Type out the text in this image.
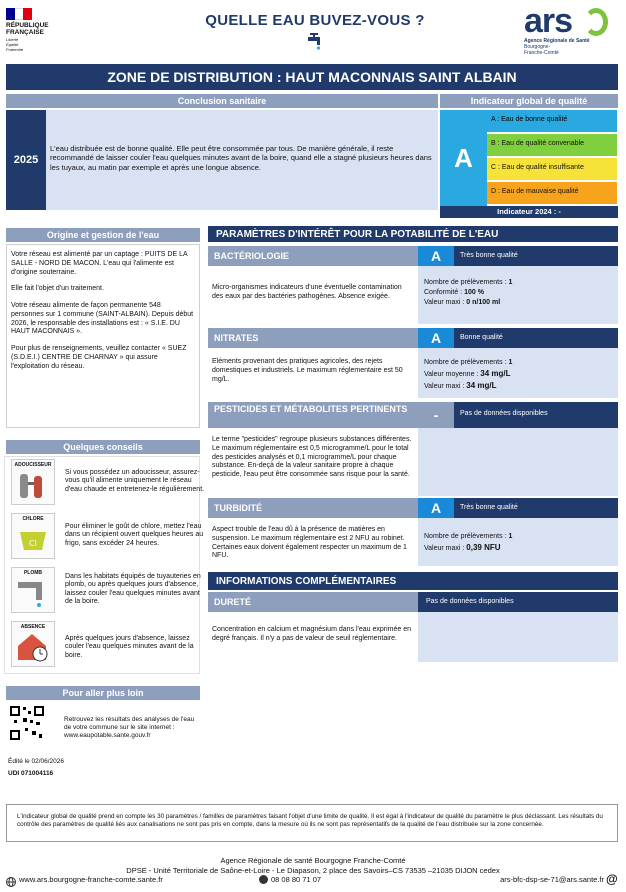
RÉPUBLIQUE
FRANÇAISE
Liberté Égalité Fraternité
QUELLE EAU BUVEZ-VOUS ?	ars
Agence Régionale de Santé
Bourgogne-
Franche-Comté
ZONE DE DISTRIBUTION : HAUT MACONNAIS SAINT ALBAIN
Conclusion sanitaire
2025
L'eau distribuée est de bonne qualité. Elle peut être consommée par tous. De manière générale, il reste recommandé de laisser couler l'eau quelques minutes avant de la boire, quand elle a stagné plusieurs heures dans les tuyaux, au matin par exemple et après une longue absence.
Indicateur global de qualité
A
A : Eau de bonne qualité
B : Eau de qualité convenable
C : Eau de qualité insuffisante
D : Eau de mauvaise qualité
Indicateur 2024 : -
Origine et gestion de l'eau

Votre réseau est alimenté par un captage : PUITS DE LA SALLE - NORD DE MACON. L'eau qui l'alimente est d'origine souterraine.

Elle fait l'objet d'un traitement.

Votre réseau alimente de façon permanente 548 personnes sur 1 commune (SAINT-ALBAIN). Depuis début 2026, le responsable des installations est : « S.I.E. DU HAUT MACONNAIS ».

Pour plus de renseignements, veuillez contacter « SUEZ (S.D.E.I.) CENTRE DE CHARNAY » qui assure l'exploitation du réseau.

Quelques conseils
ADOUCISSEUR
Si vous possédez un adoucisseur, assurez-vous qu'il alimente uniquement le réseau d'eau chaude et entretenez-le régulièrement.
CHLORE
Cl
Pour éliminer le goût de chlore, mettez l'eau dans un récipient ouvert quelques heures au frigo, sans excéder 24 heures.
PLOMB	Dans les habitats équipés de tuyauteries en plomb, ou après quelques jours d'absence, laissez couler l'eau quelques minutes avant de la boire.
ABSENCE
Après quelques jours d'absence, laissez couler l'eau quelques minutes avant de la boire.
Pour aller plus loin
Retrouvez les résultats des analyses de l'eau de votre commune sur le site internet : www.eaupotable.sante.gouv.fr
Édité le 02/06/2026
UDI 071004116
PARAMÈTRES D'INTÉRÊT POUR LA POTABILITÉ DE L'EAU
BACTÉRIOLOGIE	A	Très bonne qualité
Micro-organismes indicateurs d'une éventuelle contamination des eaux par des bactéries pathogènes. Absence exigée.
Nombre de prélèvements : 1
Conformité : 100 %
Valeur maxi : 0 n/100 ml
NITRATES	A	Bonne qualité
Eléments provenant des pratiques agricoles, des rejets domestiques et industriels. Le maximum réglementaire est 50 mg/L.
Nombre de prélèvements : 1
Valeur moyenne : 34 mg/L
Valeur maxi : 34 mg/L
PESTICIDES ET MÉTABOLITES PERTINENTS	-	Pas de données disponibles
Le terme "pesticides" regroupe plusieurs substances différentes. Le maximum réglementaire est 0,5 microgramme/L pour le total des pesticides analysés et 0,1 microgramme/L pour chaque substance. En-deçà de la valeur sanitaire propre à chaque pesticide, l'eau peut être consommée sans risque pour la santé.
TURBIDITÉ	A	Très bonne qualité
Aspect trouble de l'eau dû à la présence de matières en suspension. Le maximum réglementaire est 2 NFU au robinet. Certaines eaux doivent également respecter un maximum de 1 NFU.
Nombre de prélèvements : 1
Valeur maxi : 0,39 NFU
INFORMATIONS COMPLÉMENTAIRES
DURETÉ	Pas de données disponibles
Concentration en calcium et magnésium dans l'eau exprimée en degré français. Il n'y a pas de valeur de seuil réglementaire.
L'indicateur global de qualité prend en compte les 30 paramètres / familles de paramètres faisant l'objet d'une limite de qualité. Il est égal à l'indicateur de qualité du paramètre le plus déclassant. Les résultats du contrôle des paramètres de qualité liés aux canalisations ne sont pas pris en compte, dans la mesure où ils ne sont pas représentatifs de la qualité de l'eau distribuée sur la zone concernée.
Agence Régionale de santé Bourgogne Franche-Comté
DPSE - Unité Territoriale de Saône-et-Loire - Le Diapason, 2 place des Savoirs–CS 73535 –21035 DIJON cedex
www.ars.bourgogne-franche-comte.sante.fr	08 08 80 71 07	ars-bfc-dsp-se-71@ars.sante.fr @
